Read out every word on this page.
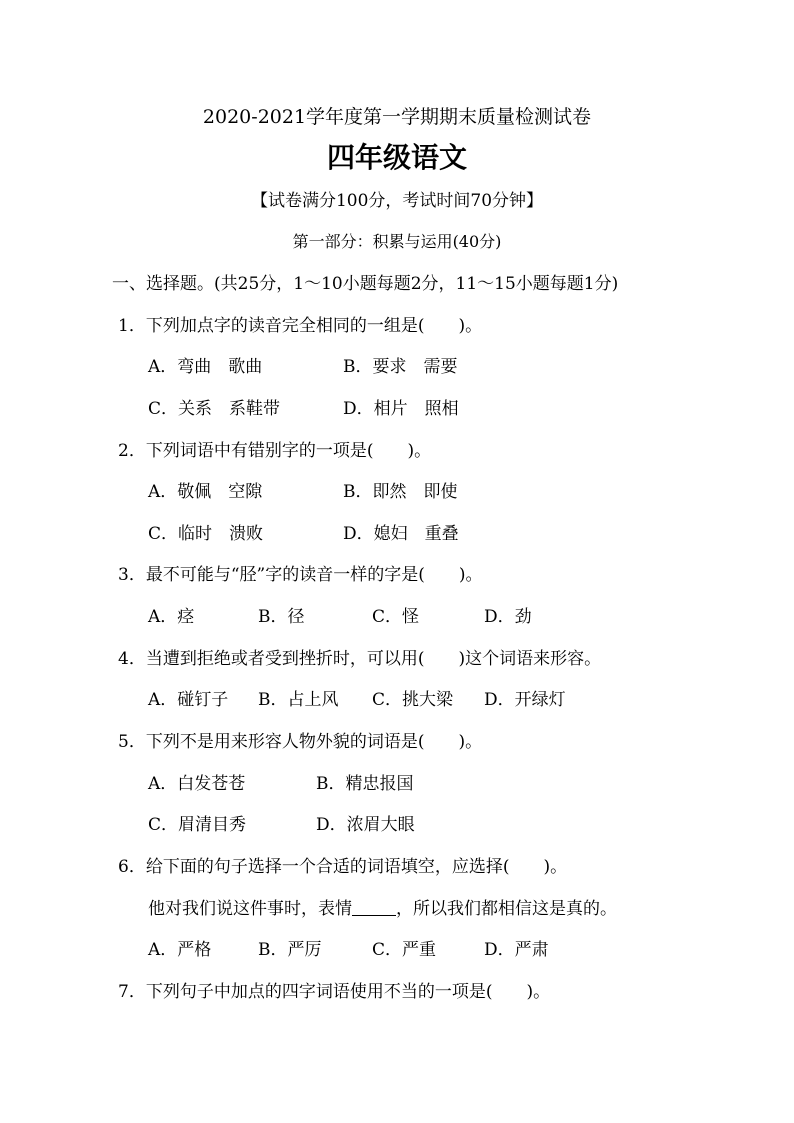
2020-2021学年度第一学期期末质量检测试卷
四年级语文
【试卷满分100分，考试时间70分钟】
第一部分：积累与运用(40分)
一、选择题。(共25分，1～10小题每题2分，11～15小题每题1分)
1．下列加点字的读音完全相同的一组是(　　)。
A．弯曲　歌曲	B．要求　需要
C．关系　系鞋带	D．相片　照相
2．下列词语中有错别字的一项是(　　)。
A．敬佩　空隙	B．即然　即使
C．临时　溃败	D．媳妇　重叠
3．最不可能与“胫”字的读音一样的字是(　　)。
A．痉	B．径	C．怪	D．劲
4．当遭到拒绝或者受到挫折时，可以用(　　)这个词语来形容。
A．碰钉子 B．占上风 C．挑大梁 D．开绿灯
5．下列不是用来形容人物外貌的词语是(　　)。
A．白发苍苍	B．精忠报国
C．眉清目秀	D．浓眉大眼
6．给下面的句子选择一个合适的词语填空，应选择(　　)。
他对我们说这件事时，表情	，所以我们都相信这是真的。
A．严格	B．严厉	C．严重	D．严肃
7．下列句子中加点的四字词语使用不当的一项是(　　)。
